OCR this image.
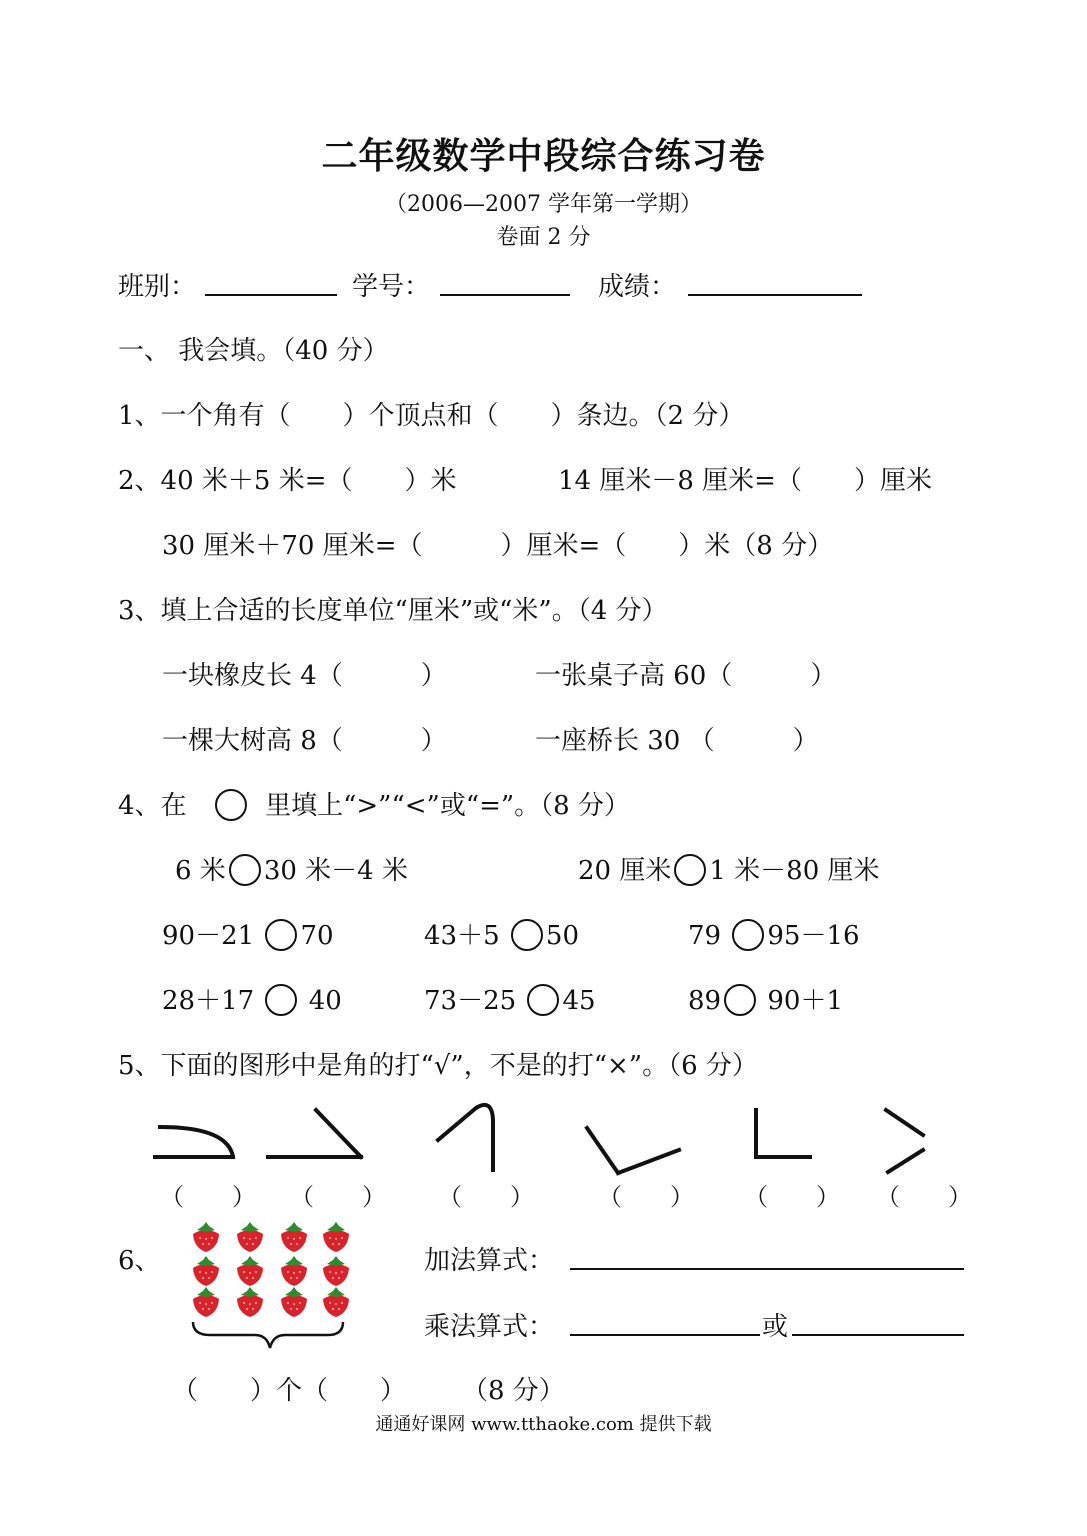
二年级数学中段综合练习卷
（2006—2007 学年第一学期）
卷面 2 分
班别：	学号：	成绩：
一、 我会填。（40 分）
1、一个角有（　　）个顶点和（　　）条边。（2 分）
2、40 米＋5 米=（　　）米	14 厘米－8 厘米=（　　）厘米
30 厘米＋70 厘米=（　　　）厘米=（　　）米（8 分）
3、填上合适的长度单位“厘米”或“米”。（4 分）
一块橡皮长 4（　　　）	一张桌子高 60（　　　）
一棵大树高 8（　　　）	一座桥长 30 （　　　）
4、在	里填上“>”“<”或“=”。（8 分）
6 米 30 米－4 米	20 厘米 1 米－80 厘米
90－21 70	43＋5 50	79 95－16
28＋17 40	73－25 45	89 90＋1
5、下面的图形中是角的打“√”，不是的打“×”。（6 分）
（　　） （　　） （　　）	（　　） （　　） （　　）
6、	加法算式：
乘法算式：	或
（　　）个（　　） （8 分）
通通好课网 www.tthaoke.com 提供下载
